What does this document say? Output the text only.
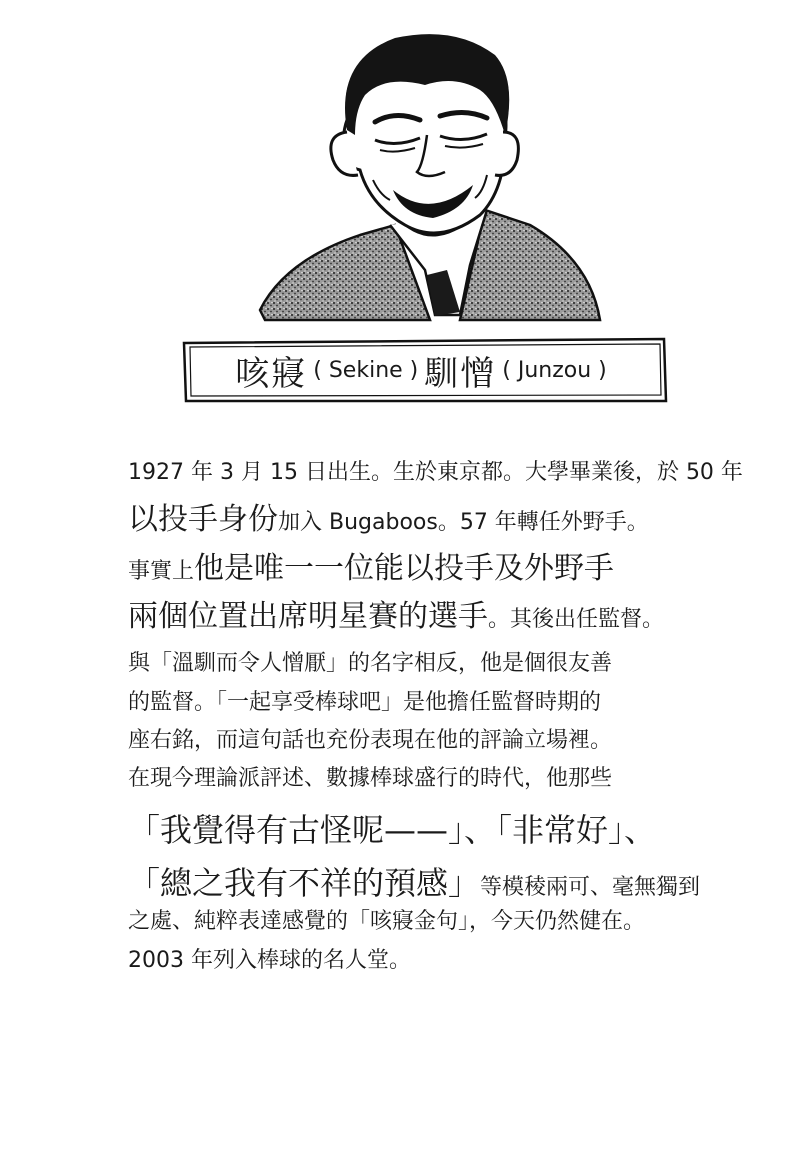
咳寢 ( Sekine ) 馴憎 ( Junzou )
1927 年 3 月 15 日出生。生於東京都。大學畢業後，於 50 年
以投手身份加入 Bugaboos。57 年轉任外野手。
事實上他是唯一一位能以投手及外野手
兩個位置出席明星賽的選手。其後出任監督。
與「溫馴而令人憎厭」的名字相反，他是個很友善
的監督。「一起享受棒球吧」是他擔任監督時期的
座右銘，而這句話也充份表現在他的評論立場裡。
在現今理論派評述、數據棒球盛行的時代，他那些
「我覺得有古怪呢——」、「非常好」、
「總之我有不祥的預感」等模稜兩可、毫無獨到
之處、純粹表達感覺的「咳寢金句」，今天仍然健在。
2003 年列入棒球的名人堂。
